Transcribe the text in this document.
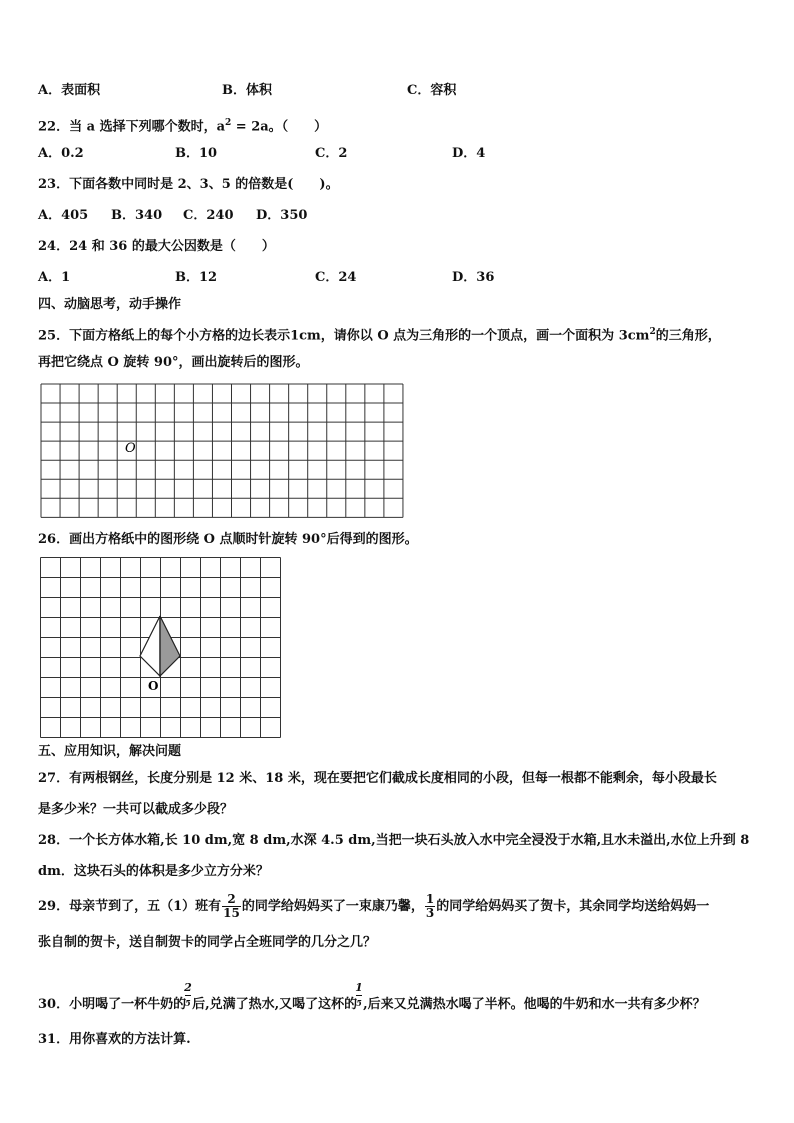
A．表面积	B．体积	C．容积
22．当 a 选择下列哪个数时，$a^2 = 2a$。（　　）
A．0.2	B．10	C．2	D．4
23．下面各数中同时是 2、3、5 的倍数是(　　)。
A．405 B．340 C．240 D．350
24．24 和 36 的最大公因数是（　　）
A．1	B．12	C．24	D．36
四、动脑思考，动手操作
25．下面方格纸上的每个小方格的边长表示1cm，请你以 O 点为三角形的一个顶点，画一个面积为 $3cm^2$的三角形，
再把它绕点 O 旋转 90°，画出旋转后的图形。
O
26．画出方格纸中的图形绕 O 点顺时针旋转 90°后得到的图形。
O
五、应用知识，解决问题
27．有两根钢丝，长度分别是 12 米、18 米，现在要把它们截成长度相同的小段，但每一根都不能剩余，每小段最长
是多少米？一共可以截成多少段？
28．一个长方体水箱,长 10 dm,宽 8 dm,水深 4.5 dm,当把一块石头放入水中完全浸没于水箱,且水未溢出,水位上升到 8
dm．这块石头的体积是多少立方分米？
29．母亲节到了，五（1）班有 $\frac{2}{15}$ 的同学给妈妈买了一束康乃馨， $\frac{1}{3}$ 的同学给妈妈买了贺卡，其余同学均送给妈妈一
张自制的贺卡，送自制贺卡的同学占全班同学的几分之几？
30．小明喝了一杯牛奶的
2
5 后,兑满了热水,又喝了这杯的
1
5 ,后来又兑满热水喝了半杯。他喝的牛奶和水一共有多少杯？
31．用你喜欢的方法计算.
